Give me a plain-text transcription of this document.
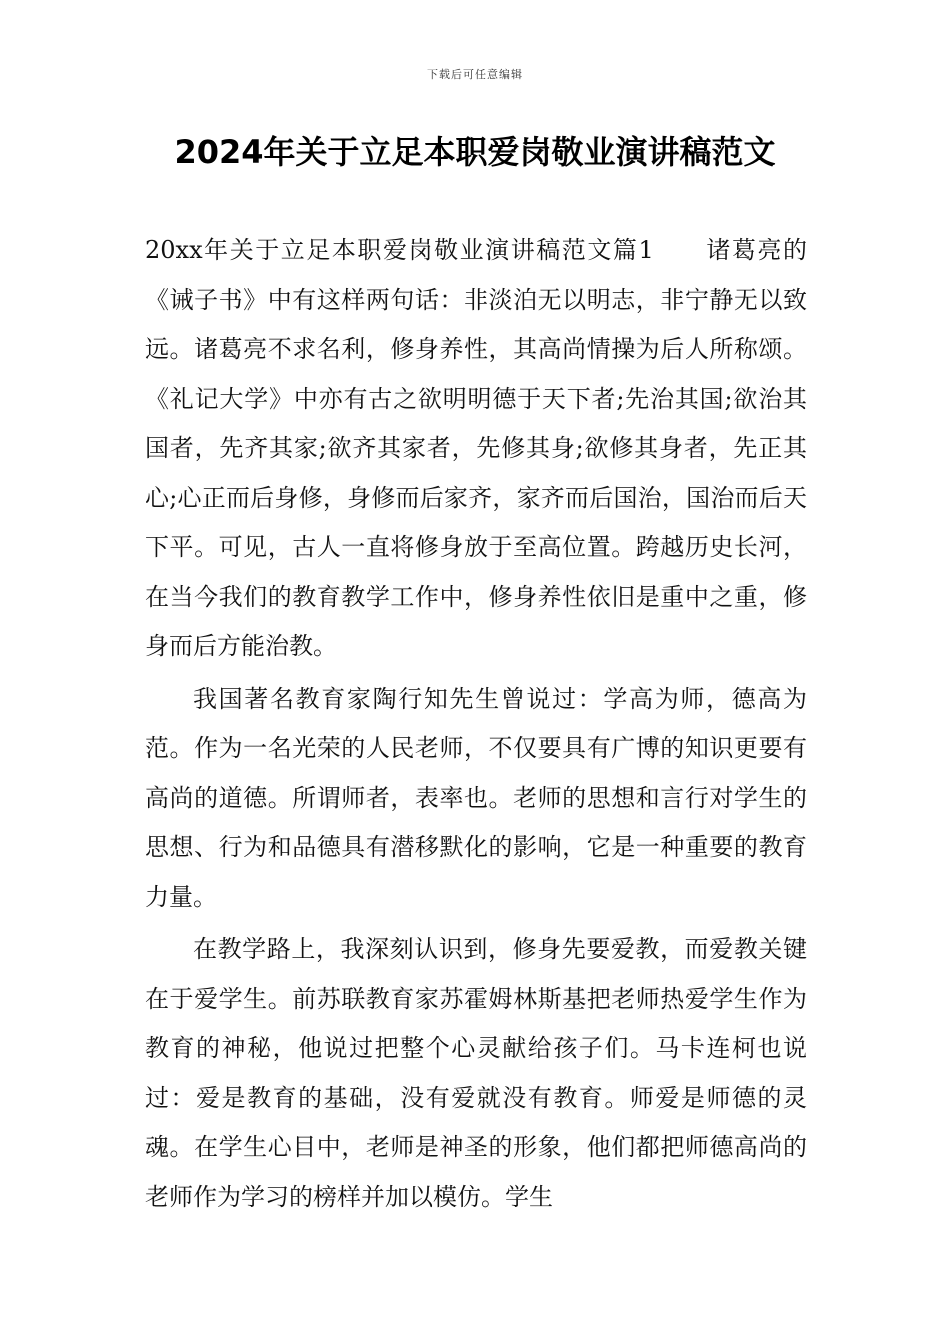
下载后可任意编辑
2024年关于立足本职爱岗敬业演讲稿范文

20xx年关于立足本职爱岗敬业演讲稿范文篇1　　诸葛亮的《诫子书》中有这样两句话：非淡泊无以明志，非宁静无以致远。诸葛亮不求名利，修身养性，其高尚情操为后人所称颂。《礼记大学》中亦有古之欲明明德于天下者;先治其国;欲治其国者，先齐其家;欲齐其家者，先修其身;欲修其身者，先正其心;心正而后身修，身修而后家齐，家齐而后国治，国治而后天下平。可见，古人一直将修身放于至高位置。跨越历史长河，在当今我们的教育教学工作中，修身养性依旧是重中之重，修身而后方能治教。

我国著名教育家陶行知先生曾说过：学高为师，德高为范。作为一名光荣的人民老师，不仅要具有广博的知识更要有高尚的道德。所谓师者，表率也。老师的思想和言行对学生的思想、行为和品德具有潜移默化的影响，它是一种重要的教育力量。

在教学路上，我深刻认识到，修身先要爱教，而爱教关键在于爱学生。前苏联教育家苏霍姆林斯基把老师热爱学生作为教育的神秘，他说过把整个心灵献给孩子们。马卡连柯也说过：爱是教育的基础，没有爱就没有教育。师爱是师德的灵魂。在学生心目中，老师是神圣的形象，他们都把师德高尚的老师作为学习的榜样并加以模仿。学生
